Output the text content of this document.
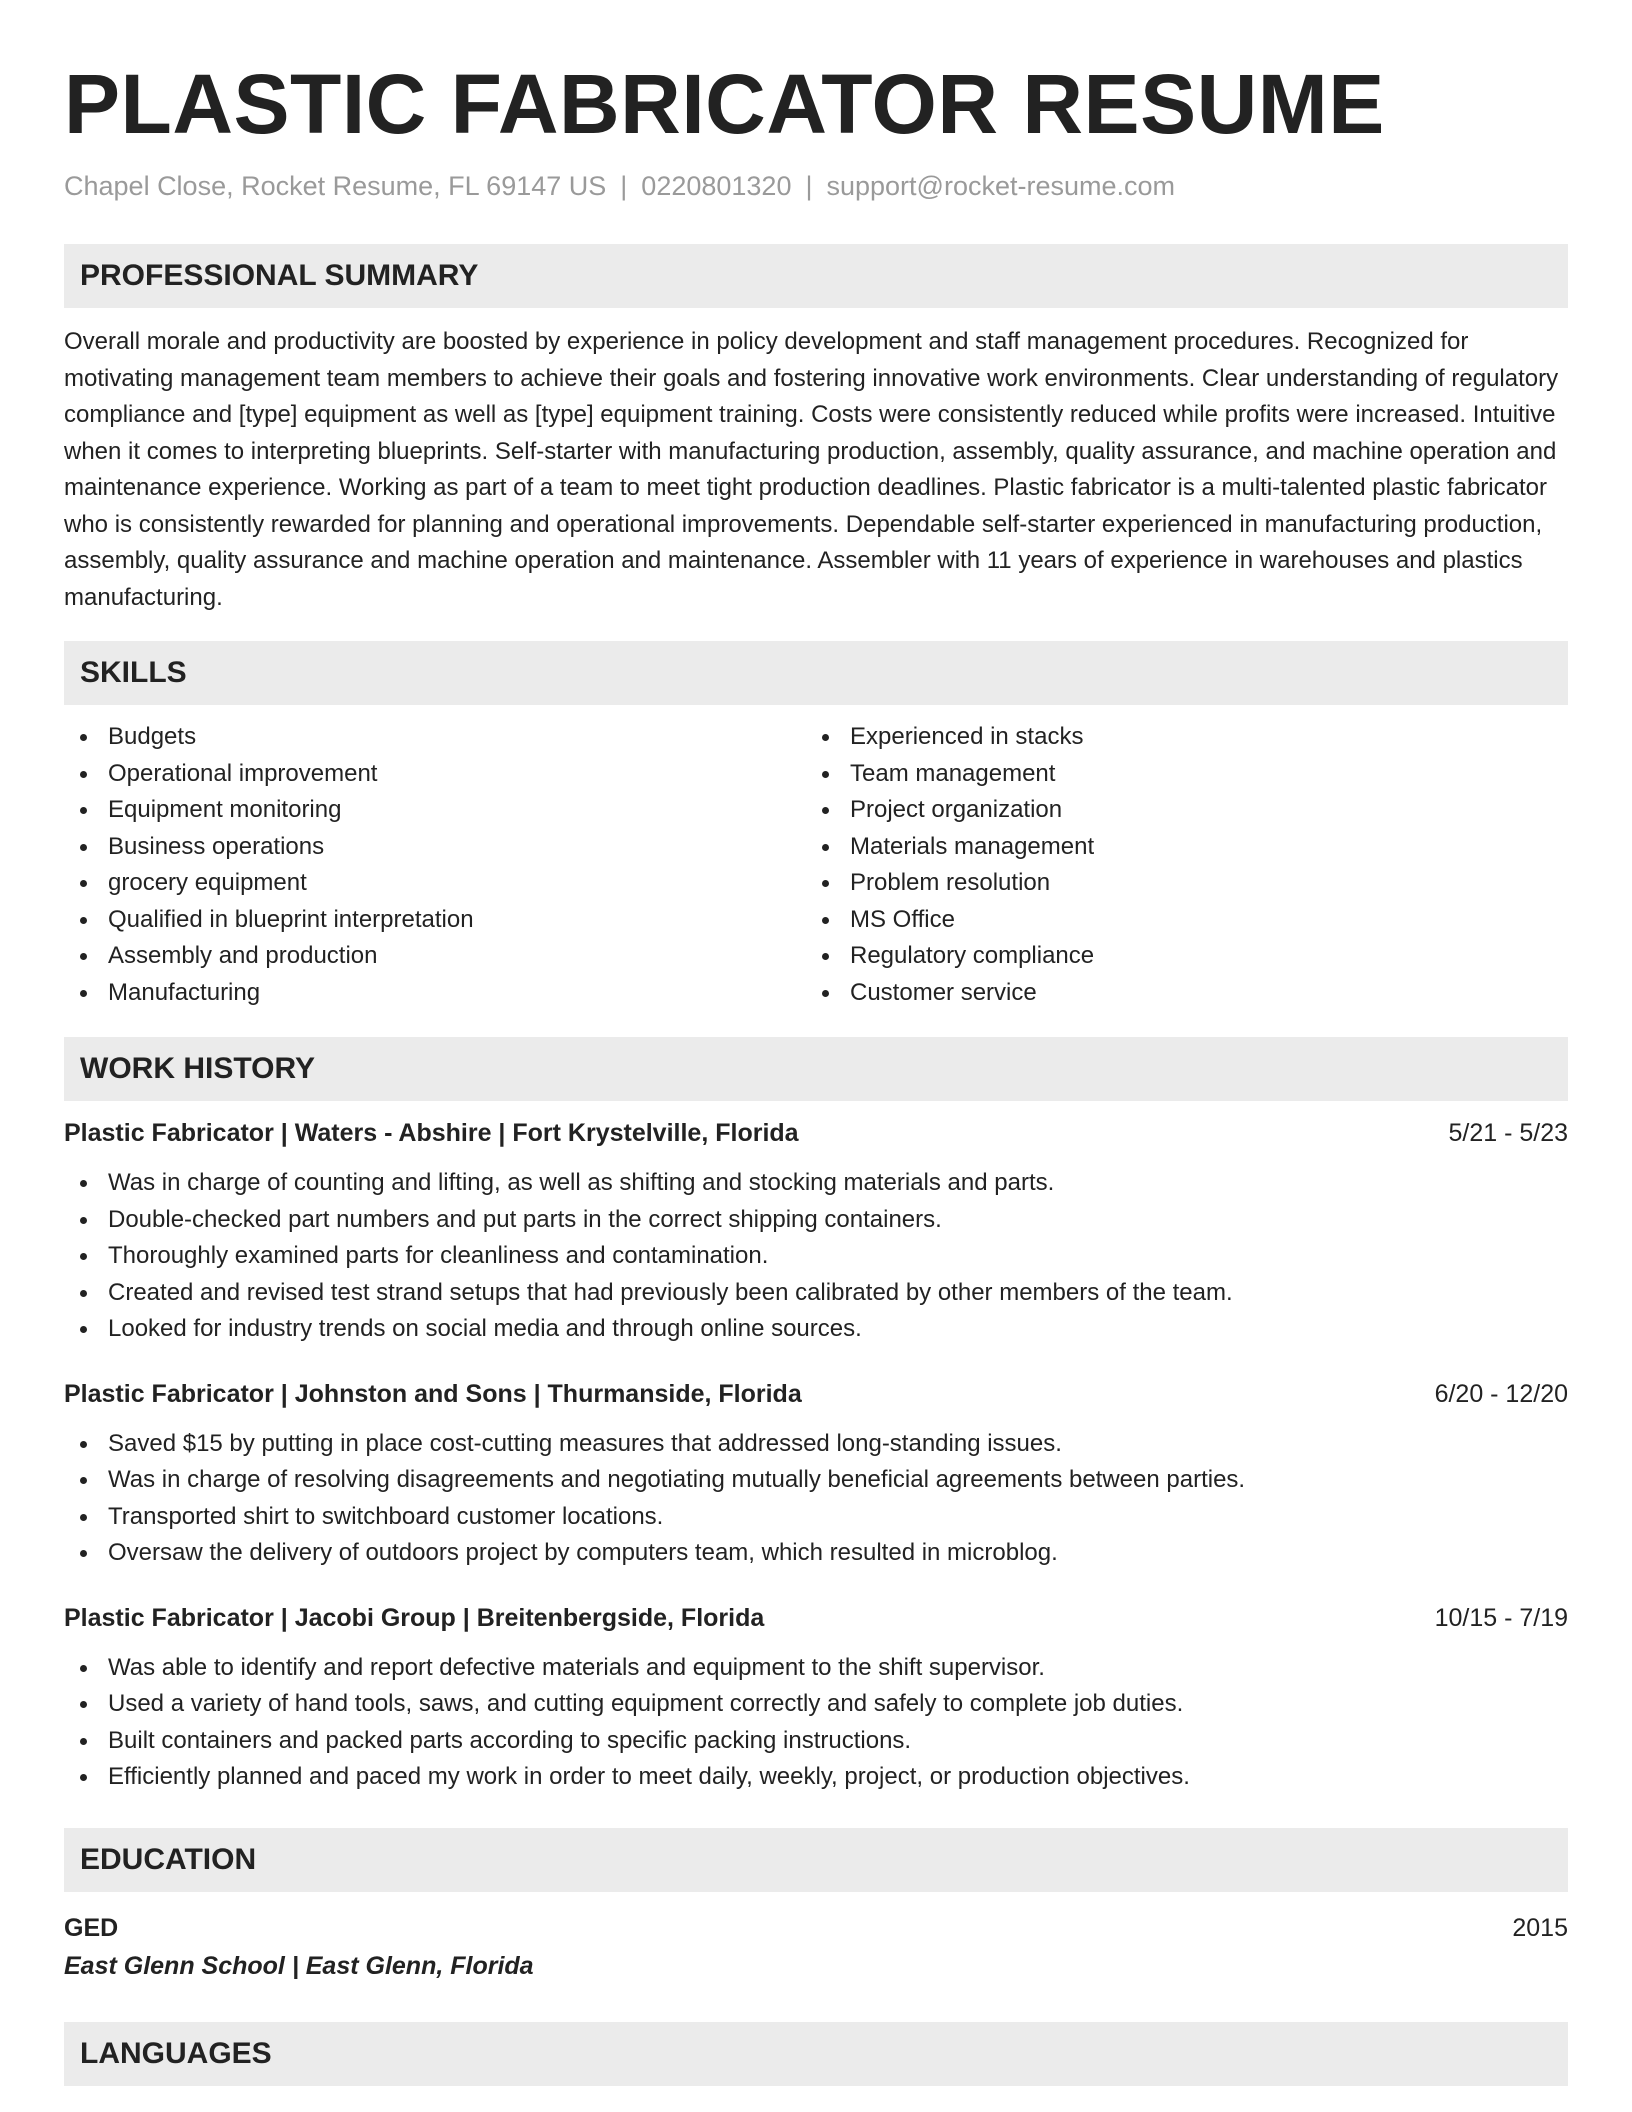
PLASTIC FABRICATOR RESUME
Chapel Close, Rocket Resume, FL 69147 US | 0220801320 | support@rocket-resume.com
PROFESSIONAL SUMMARY
Overall morale and productivity are boosted by experience in policy development and staff management procedures. Recognized for motivating management team members to achieve their goals and fostering innovative work environments. Clear understanding of regulatory compliance and [type] equipment as well as [type] equipment training. Costs were consistently reduced while profits were increased. Intuitive when it comes to interpreting blueprints. Self-starter with manufacturing production, assembly, quality assurance, and machine operation and maintenance experience. Working as part of a team to meet tight production deadlines. Plastic fabricator is a multi-talented plastic fabricator who is consistently rewarded for planning and operational improvements. Dependable self-starter experienced in manufacturing production, assembly, quality assurance and machine operation and maintenance. Assembler with 11 years of experience in warehouses and plastics manufacturing.
SKILLS
Budgets
Operational improvement
Equipment monitoring
Business operations
grocery equipment
Qualified in blueprint interpretation
Assembly and production
Manufacturing
Experienced in stacks
Team management
Project organization
Materials management
Problem resolution
MS Office
Regulatory compliance
Customer service
WORK HISTORY
Plastic Fabricator | Waters - Abshire | Fort Krystelville, Florida	5/21 - 5/23
Was in charge of counting and lifting, as well as shifting and stocking materials and parts.
Double-checked part numbers and put parts in the correct shipping containers.
Thoroughly examined parts for cleanliness and contamination.
Created and revised test strand setups that had previously been calibrated by other members of the team.
Looked for industry trends on social media and through online sources.
Plastic Fabricator | Johnston and Sons | Thurmanside, Florida	6/20 - 12/20
Saved $15 by putting in place cost-cutting measures that addressed long-standing issues.
Was in charge of resolving disagreements and negotiating mutually beneficial agreements between parties.
Transported shirt to switchboard customer locations.
Oversaw the delivery of outdoors project by computers team, which resulted in microblog.
Plastic Fabricator | Jacobi Group | Breitenbergside, Florida	10/15 - 7/19
Was able to identify and report defective materials and equipment to the shift supervisor.
Used a variety of hand tools, saws, and cutting equipment correctly and safely to complete job duties.
Built containers and packed parts according to specific packing instructions.
Efficiently planned and paced my work in order to meet daily, weekly, project, or production objectives.
EDUCATION
GED	2015
East Glenn School | East Glenn, Florida
LANGUAGES
